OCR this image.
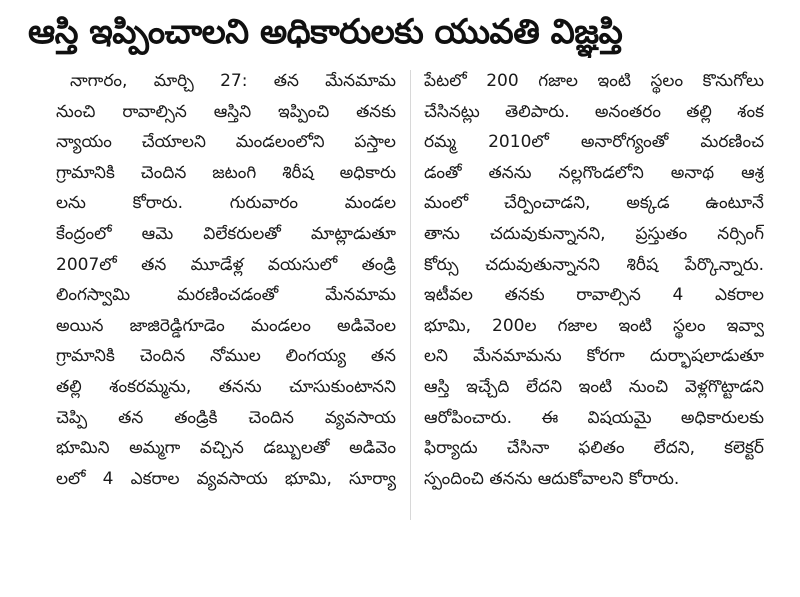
ఆస్తి ఇప్పించాలని అధికారులకు యువతి విజ్ఞప్తి
నాగారం, మార్చి 27: తన మేనమామ
నుంచి రావాల్సిన ఆస్తిని ఇప్పించి తనకు
న్యాయం చేయాలని మండలంలోని పస్తాల
గ్రామానికి చెందిన జటంగి శిరీష అధికారు
లను కోరారు. గురువారం మండల
కేంద్రంలో ఆమె విలేకరులతో మాట్లాడుతూ
2007లో తన మూడేళ్ల వయసులో తండ్రి
లింగస్వామి మరణించడంతో మేనమామ
అయిన జాజిరెడ్డిగూడెం మండలం అడివెంల
గ్రామానికి చెందిన నోముల లింగయ్య తన
తల్లి శంకరమ్మను, తనను చూసుకుంటానని
చెప్పి తన తండ్రికి చెందిన వ్యవసాయ
భూమిని అమ్మగా వచ్చిన డబ్బులతో అడివెం
లలో 4 ఎకరాల వ్యవసాయ భూమి, సూర్యా
పేటలో 200 గజాల ఇంటి స్థలం కొనుగోలు
చేసినట్లు తెలిపారు. అనంతరం తల్లి శంక
రమ్మ 2010లో అనారోగ్యంతో మరణించ
డంతో తనను నల్లగొండలోని అనాథ ఆశ్ర
మంలో చేర్పించాడని, అక్కడ ఉంటూనే
తాను చదువుకున్నానని, ప్రస్తుతం నర్సింగ్
కోర్సు చదువుతున్నానని శిరీష పేర్కొన్నారు.
ఇటీవల తనకు రావాల్సిన 4 ఎకరాల
భూమి, 200ల గజాల ఇంటి స్థలం ఇవ్వా
లని మేనమామను కోరగా దుర్భాషలాడుతూ
ఆస్తి ఇచ్చేది లేదని ఇంటి నుంచి వెళ్లగొట్టాడని
ఆరోపించారు. ఈ విషయమై అధికారులకు
ఫిర్యాదు చేసినా ఫలితం లేదని, కలెక్టర్
స్పందించి తనను ఆదుకోవాలని కోరారు.
